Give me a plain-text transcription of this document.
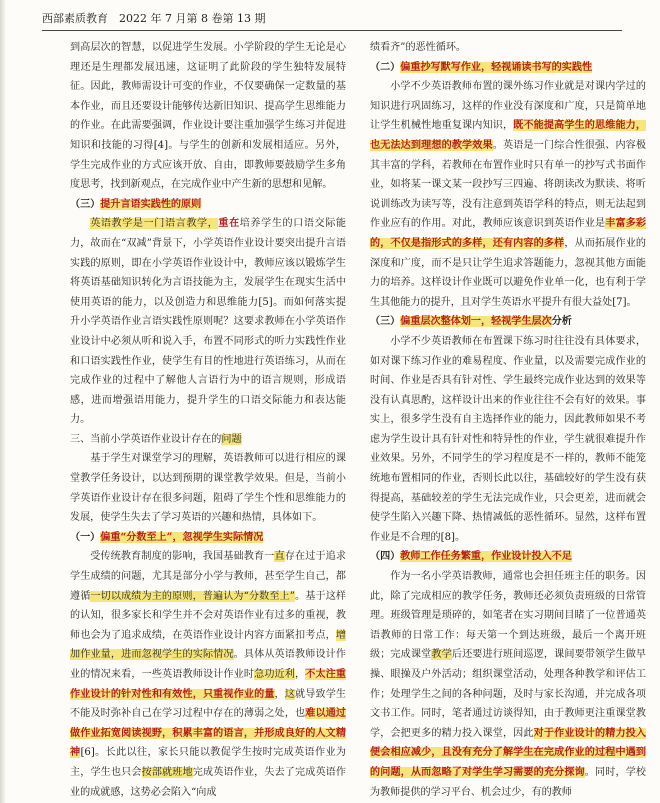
西部素质教育　2022 年 7 月第 8 卷第 13 期

到高层次的智慧，以促进学生发展。小学阶段的学生无论是心理还是生理都发展迅速，这证明了此阶段的学生独特发展特征。因此，教师需设计可变的作业，不仅要确保一定数量的基本作业，而且还要设计能够传达新旧知识、提高学生思维能力的作业。在此需要强调，作业设计要注重加强学生练习并促进知识和技能的习得[4]。与学生的创新和发展相适应。另外，学生完成作业的方式应该开放、自由，即教师要鼓励学生多角度思考，找到新观点，在完成作业中产生新的思想和见解。

（三）提升言语实践性的原则

英语教学是一门语言教学，重在培养学生的口语交际能力，故而在“双减”背景下，小学英语作业设计要突出提升言语实践的原则，即在小学英语作业设计中，教师应该以锻炼学生将英语基础知识转化为言语技能为主，发展学生在现实生活中使用英语的能力，以及创造力和思维能力[5]。而如何落实提升小学英语作业言语实践性原则呢？这要求教师在小学英语作业设计中必须从听和说入手，布置不同形式的听力实践性作业和口语实践性作业，使学生有目的性地进行英语练习，从而在完成作业的过程中了解他人言语行为中的语言规则，形成语感，进而增强语用能力，提升学生的口语交际能力和表达能力。

三、当前小学英语作业设计存在的问题

基于学生对课堂学习的理解，英语教师可以进行相应的课堂教学任务设计，以达到预期的课堂教学效果。但是，当前小学英语作业设计存在很多问题，阻碍了学生个性和思维能力的发展，使学生失去了学习英语的兴趣和热情，具体如下。

（一）偏重“分数至上”，忽视学生实际情况

受传统教育制度的影响，我国基础教育一直存在过于追求学生成绩的问题，尤其是部分小学与教师，甚至学生自己，都遵循一切以成绩为主的原则，普遍认为“分数至上”。基于这样的认知，很多家长和学生并不会对英语作业有过多的重视，教师也会为了追求成绩，在英语作业设计内容方面紧扣考点，增加作业量，进而忽视学生的实际情况。具体从英语教师设计作业的情况来看，一些英语教师设计作业时急功近利，不太注重作业设计的针对性和有效性，只重视作业的量，这就导致学生不能及时弥补自己在学习过程中存在的薄弱之处，也难以通过做作业拓宽阅读视野，积累丰富的语言，并形成良好的人文精神[6]。长此以往，家长只能以教促学生按时完成英语作业为主，学生也只会按部就班地完成英语作业，失去了完成英语作业的成就感，这势必会陷入“向成

绩看齐”的恶性循环。

（二）偏重抄写默写作业，轻视诵读书写的实践性

小学不少英语教师布置的课外练习作业就是对课内学过的知识进行巩固练习，这样的作业没有深度和广度，只是简单地让学生机械性地重复课内知识，既不能提高学生的思维能力，也无法达到理想的教学效果。英语是一门综合性很强、内容极其丰富的学科，若教师在布置作业时只有单一的抄写式书面作业，如将某一课文某一段抄写三四遍、将朗读改为默读、将听说训练改为读写等，没有注意到英语学科的特点，则无法起到作业应有的作用。对此，教师应该意识到英语作业是丰富多彩的，不仅是指形式的多样，还有内容的多样，从而拓展作业的深度和广度，而不是只让学生追求答题能力，忽视其他方面能力的培养。这样设计作业既可以避免作业单一化，也有利于学生其他能力的提升，且对学生英语水平提升有很大益处[7]。

（三）偏重层次整体划一，轻视学生层次分析

小学不少英语教师在布置课下练习时往往没有具体要求，如对课下练习作业的难易程度、作业量，以及需要完成作业的时间、作业是否具有针对性、学生最终完成作业达到的效果等没有认真思酌，这样设计出来的作业往往不会有好的效果。事实上，很多学生没有自主选择作业的能力，因此教师如果不考虑为学生设计具有针对性和特异性的作业，学生就很难提升作业效果。另外，不同学生的学习程度是不一样的，教师不能笼统地布置相同的作业，否则长此以往，基础较好的学生没有获得提高，基础较差的学生无法完成作业，只会更差，进而就会使学生陷入兴趣下降、热情减低的恶性循环。显然，这样布置作业是不合理的[8]。

（四）教师工作任务繁重，作业设计投入不足

作为一名小学英语教师，通常也会担任班主任的职务。因此，除了完成相应的教学任务，教师还必须负责班级的日常管理。班级管理是琐碎的，如笔者在实习期间目睹了一位普通英语教师的日常工作：每天第一个到达班级，最后一个离开班级；完成课堂教学后还要进行班间巡逻，课间要带领学生做早操、眼操及户外活动；组织课堂活动，处理各种教学和评估工作；处理学生之间的各种问题，及时与家长沟通，并完成各项文书工作。同时，笔者通过访谈得知，由于教师更注重课堂教学，会把更多的精力投入课堂，因此对于作业设计的精力投入便会相应减少，且没有充分了解学生在完成作业的过程中遇到的问题，从而忽略了对学生学习需要的充分探询。同时，学校为教师提供的学习平台、机会过少，有的教师
